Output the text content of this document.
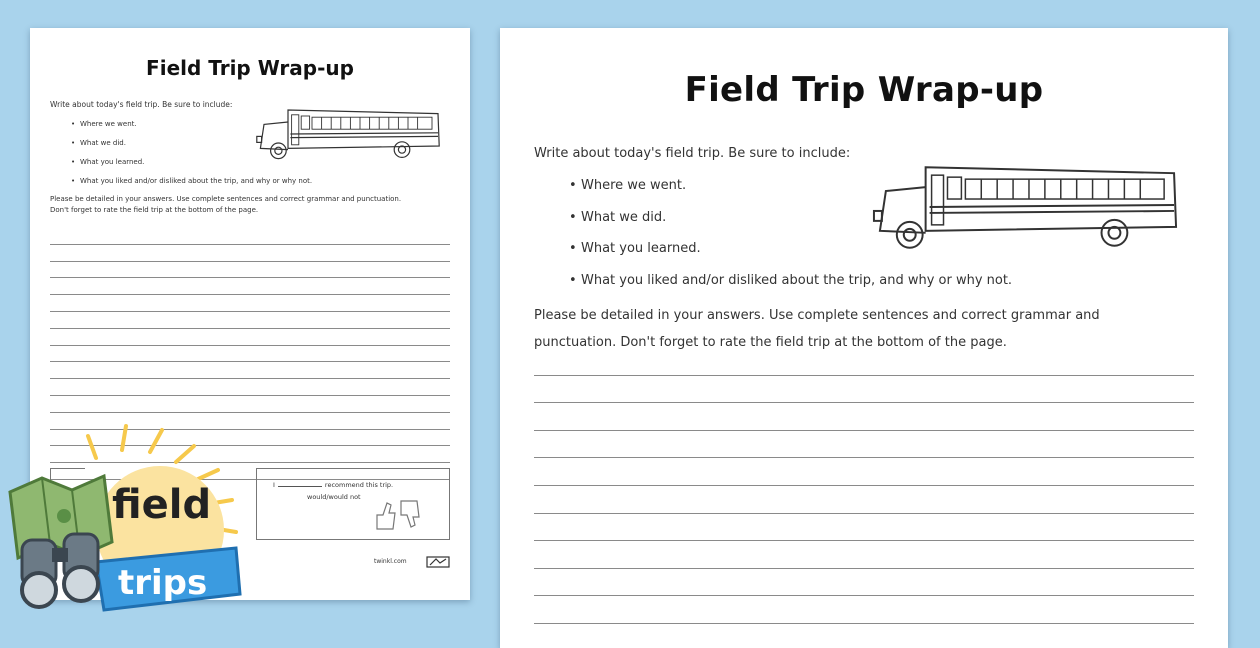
Field Trip Wrap-up

Write about today's field trip. Be sure to include:

• Where we went.
• What we did.
• What you learned.
• What you liked and/or disliked about the trip, and why or why not.

Please be detailed in your answers. Use complete sentences and correct grammar and punctuation. Don't forget to rate the field trip at the bottom of the page.

I	recommend this trip.
would/would not
twinkl.com
Field Trip Wrap-up

Write about today's field trip. Be sure to include:

• Where we went.
• What we did.
• What you learned.
• What you liked and/or disliked about the trip, and why or why not.

Please be detailed in your answers. Use complete sentences and correct grammar and punctuation. Don't forget to rate the field trip at the bottom of the page.

field
trips
